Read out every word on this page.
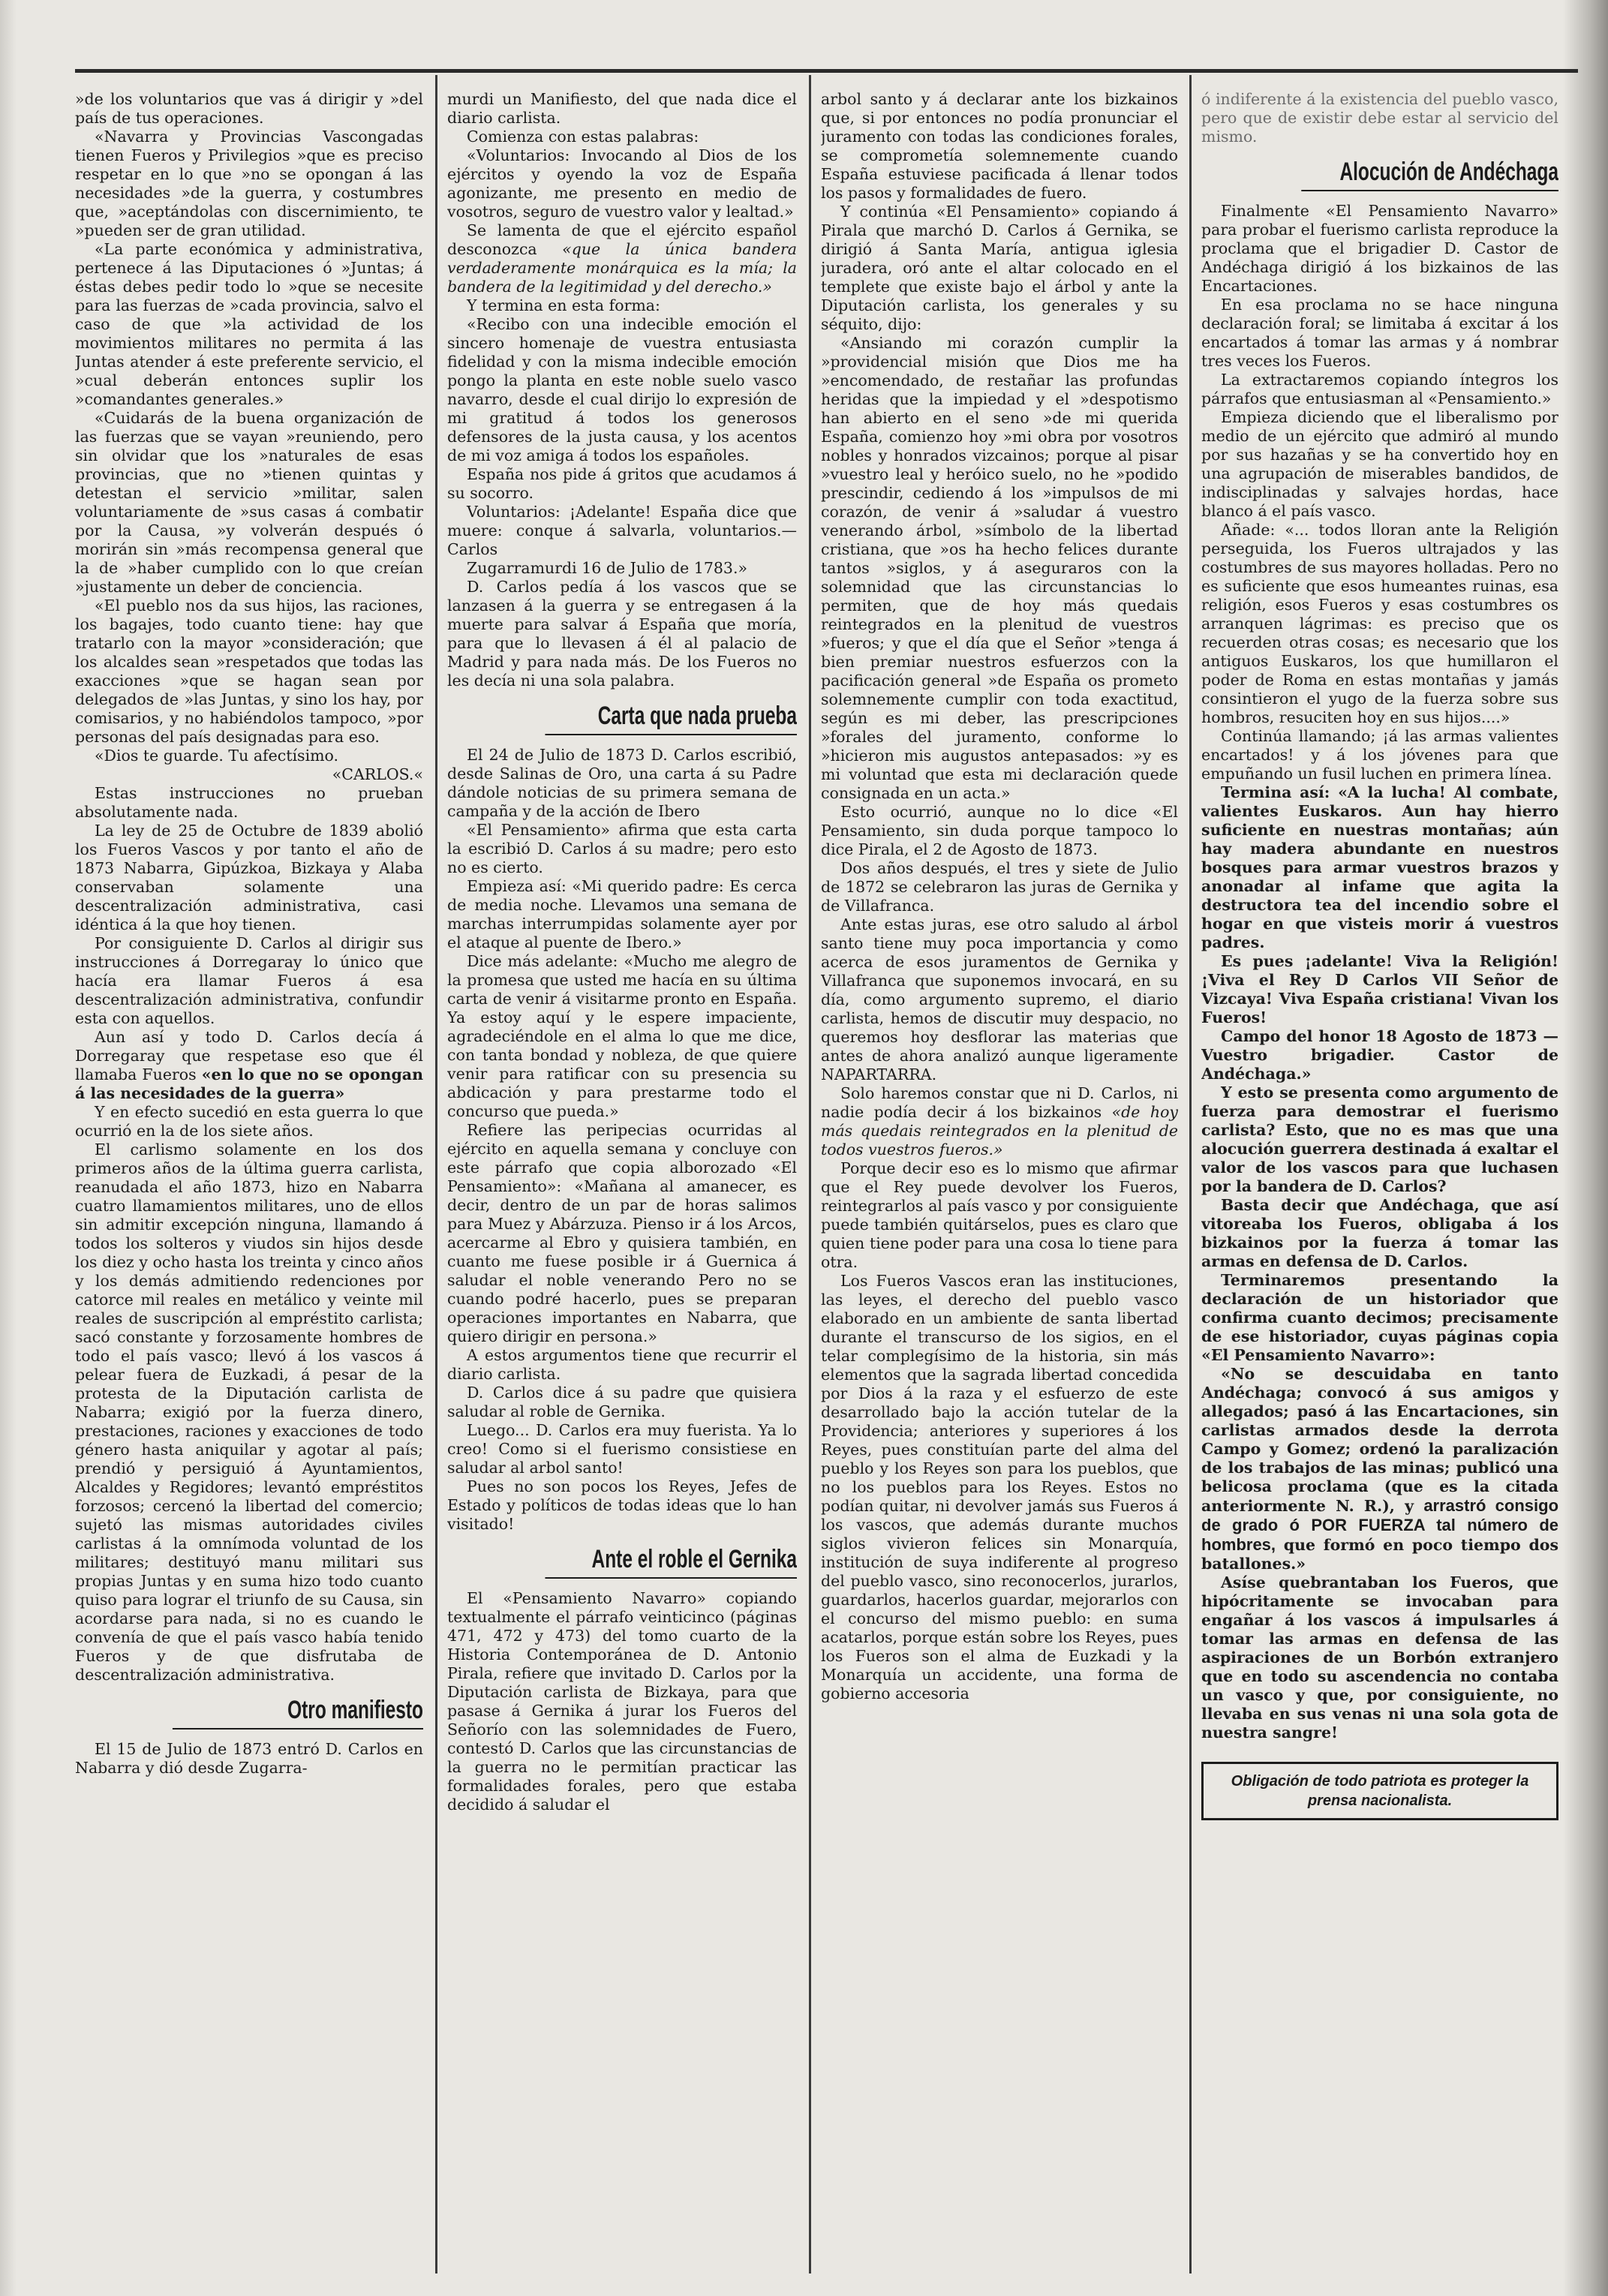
»de los voluntarios que vas á dirigir y »del país de tus operaciones.

«Navarra y Provincias Vascongadas tienen Fueros y Privilegios »que es preciso respetar en lo que »no se opongan á las necesidades »de la guerra, y costumbres que, »aceptándolas con discernimiento, te »pueden ser de gran utilidad.

«La parte económica y administrativa, pertenece á las Diputaciones ó »Juntas; á éstas debes pedir todo lo »que se necesite para las fuerzas de »cada provincia, salvo el caso de que »la actividad de los movimientos militares no permita á las Juntas atender á este preferente servicio, el »cual deberán entonces suplir los »comandantes generales.»

«Cuidarás de la buena organización de las fuerzas que se vayan »reuniendo, pero sin olvidar que los »naturales de esas provincias, que no »tienen quintas y detestan el servicio »militar, salen voluntariamente de »sus casas á combatir por la Causa, »y volverán después ó morirán sin »más recompensa general que la de »haber cumplido con lo que creían »justamente un deber de conciencia.

«El pueblo nos da sus hijos, las raciones, los bagajes, todo cuanto tiene: hay que tratarlo con la mayor »consideración; que los alcaldes sean »respetados que todas las exacciones »que se hagan sean por delegados de »las Juntas, y sino los hay, por comisarios, y no habiéndolos tampoco, »por personas del país designadas para eso.

«Dios te guarde. Tu afectísimo.

«CARLOS.«

Estas instrucciones no prueban absolutamente nada.

La ley de 25 de Octubre de 1839 abolió los Fueros Vascos y por tanto el año de 1873 Nabarra, Gipúzkoa, Bizkaya y Alaba conservaban solamente una descentralización administrativa, casi idéntica á la que hoy tienen.

Por consiguiente D. Carlos al dirigir sus instrucciones á Dorregaray lo único que hacía era llamar Fueros á esa descentralización administrativa, confundir esta con aquellos.

Aun así y todo D. Carlos decía á Dorregaray que respetase eso que él llamaba Fueros «en lo que no se opongan á las necesidades de la guerra»

Y en efecto sucedió en esta guerra lo que ocurrió en la de los siete años.

El carlismo solamente en los dos primeros años de la última guerra carlista, reanudada el año 1873, hizo en Nabarra cuatro llamamientos militares, uno de ellos sin admitir excepción ninguna, llamando á todos los solteros y viudos sin hijos desde los diez y ocho hasta los treinta y cinco años y los demás admitiendo redenciones por catorce mil reales en metálico y veinte mil reales de suscripción al empréstito carlista; sacó constante y forzosamente hombres de todo el país vasco; llevó á los vascos á pelear fuera de Euzkadi, á pesar de la protesta de la Diputación carlista de Nabarra; exigió por la fuerza dinero, prestaciones, raciones y exacciones de todo género hasta aniquilar y agotar al país; prendió y persiguió á Ayuntamientos, Alcaldes y Regidores; levantó empréstitos forzosos; cercenó la libertad del comercio; sujetó las mismas autoridades civiles carlistas á la omnímoda voluntad de los militares; destituyó manu militari sus propias Juntas y en suma hizo todo cuanto quiso para lograr el triunfo de su Causa, sin acordarse para nada, si no es cuando le convenía de que el país vasco había tenido Fueros y de que disfrutaba de descentralización administrativa.

Otro manifiesto

El 15 de Julio de 1873 entró D. Carlos en Nabarra y dió desde Zugarra-

murdi un Manifiesto, del que nada dice el diario carlista.

Comienza con estas palabras:

«Voluntarios: Invocando al Dios de los ejércitos y oyendo la voz de España agonizante, me presento en medio de vosotros, seguro de vuestro valor y lealtad.»

Se lamenta de que el ejército español desconozca «que la única bandera verdaderamente monárquica es la mía; la bandera de la legitimidad y del derecho.»

Y termina en esta forma:

«Recibo con una indecible emoción el sincero homenaje de vuestra entusiasta fidelidad y con la misma indecible emoción pongo la planta en este noble suelo vasco navarro, desde el cual dirijo lo expresión de mi gratitud á todos los generosos defensores de la justa causa, y los acentos de mi voz amiga á todos los españoles.

España nos pide á gritos que acudamos á su socorro.

Voluntarios: ¡Adelante! España dice que muere: conque á salvarla, voluntarios.—Carlos

Zugarramurdi 16 de Julio de 1783.»

D. Carlos pedía á los vascos que se lanzasen á la guerra y se entregasen á la muerte para salvar á España que moría, para que lo llevasen á él al palacio de Madrid y para nada más. De los Fueros no les decía ni una sola palabra.

Carta que nada prueba

El 24 de Julio de 1873 D. Carlos escribió, desde Salinas de Oro, una carta á su Padre dándole noticias de su primera semana de campaña y de la acción de Ibero

«El Pensamiento» afirma que esta carta la escribió D. Carlos á su madre; pero esto no es cierto.

Empieza así: «Mi querido padre: Es cerca de media noche. Llevamos una semana de marchas interrumpidas solamente ayer por el ataque al puente de Ibero.»

Dice más adelante: «Mucho me alegro de la promesa que usted me hacía en su última carta de venir á visitarme pronto en España. Ya estoy aquí y le espere impaciente, agradeciéndole en el alma lo que me dice, con tanta bondad y nobleza, de que quiere venir para ratificar con su presencia su abdicación y para prestarme todo el concurso que pueda.»

Refiere las peripecias ocurridas al ejército en aquella semana y concluye con este párrafo que copia alborozado «El Pensamiento»: «Mañana al amanecer, es decir, dentro de un par de horas salimos para Muez y Abárzuza. Pienso ir á los Arcos, acercarme al Ebro y quisiera también, en cuanto me fuese posible ir á Guernica á saludar el noble venerando Pero no se cuando podré hacerlo, pues se preparan operaciones importantes en Nabarra, que quiero dirigir en persona.»

A estos argumentos tiene que recurrir el diario carlista.

D. Carlos dice á su padre que quisiera saludar al roble de Gernika.

Luego... D. Carlos era muy fuerista. Ya lo creo! Como si el fuerismo consistiese en saludar al arbol santo!

Pues no son pocos los Reyes, Jefes de Estado y políticos de todas ideas que lo han visitado!

Ante el roble el Gernika

El «Pensamiento Navarro» copiando textualmente el párrafo veinticinco (páginas 471, 472 y 473) del tomo cuarto de la Historia Contemporánea de D. Antonio Pirala, refiere que invitado D. Carlos por la Diputación carlista de Bizkaya, para que pasase á Gernika á jurar los Fueros del Señorío con las solemnidades de Fuero, contestó D. Carlos que las circunstancias de la guerra no le permitían practicar las formalidades forales, pero que estaba decidido á saludar el

arbol santo y á declarar ante los bizkainos que, si por entonces no podía pronunciar el juramento con todas las condiciones forales, se comprometía solemnemente cuando España estuviese pacificada á llenar todos los pasos y formalidades de fuero.

Y continúa «El Pensamiento» copiando á Pirala que marchó D. Carlos á Gernika, se dirigió á Santa María, antigua iglesia juradera, oró ante el altar colocado en el templete que existe bajo el árbol y ante la Diputación carlista, los generales y su séquito, dijo:

«Ansiando mi corazón cumplir la »providencial misión que Dios me ha »encomendado, de restañar las profundas heridas que la impiedad y el »despotismo han abierto en el seno »de mi querida España, comienzo hoy »mi obra por vosotros nobles y honrados vizcainos; porque al pisar »vuestro leal y heróico suelo, no he »podido prescindir, cediendo á los »impulsos de mi corazón, de venir á »saludar á vuestro venerando árbol, »símbolo de la libertad cristiana, que »os ha hecho felices durante tantos »siglos, y á aseguraros con la solemnidad que las circunstancias lo permiten, que de hoy más quedais reintegrados en la plenitud de vuestros »fueros; y que el día que el Señor »tenga á bien premiar nuestros esfuerzos con la pacificación general »de España os prometo solemnemente cumplir con toda exactitud, según es mi deber, las prescripciones »forales del juramento, conforme lo »hicieron mis augustos antepasados: »y es mi voluntad que esta mi declaración quede consignada en un acta.»

Esto ocurrió, aunque no lo dice «El Pensamiento, sin duda porque tampoco lo dice Pirala, el 2 de Agosto de 1873.

Dos años después, el tres y siete de Julio de 1872 se celebraron las juras de Gernika y de Villafranca.

Ante estas juras, ese otro saludo al árbol santo tiene muy poca importancia y como acerca de esos juramentos de Gernika y Villafranca que suponemos invocará, en su día, como argumento supremo, el diario carlista, hemos de discutir muy despacio, no queremos hoy desflorar las materias que antes de ahora analizó aunque ligeramente NAPARTARRA.

Solo haremos constar que ni D. Carlos, ni nadie podía decir á los bizkainos «de hoy más quedais reintegrados en la plenitud de todos vuestros fueros.»

Porque decir eso es lo mismo que afirmar que el Rey puede devolver los Fueros, reintegrarlos al país vasco y por consiguiente puede también quitárselos, pues es claro que quien tiene poder para una cosa lo tiene para otra.

Los Fueros Vascos eran las instituciones, las leyes, el derecho del pueblo vasco elaborado en un ambiente de santa libertad durante el transcurso de los sigios, en el telar complegísimo de la historia, sin más elementos que la sagrada libertad concedida por Dios á la raza y el esfuerzo de este desarrollado bajo la acción tutelar de la Providencia; anteriores y superiores á los Reyes, pues constituían parte del alma del pueblo y los Reyes son para los pueblos, que no los pueblos para los Reyes. Estos no podían quitar, ni devolver jamás sus Fueros á los vascos, que además durante muchos siglos vivieron felices sin Monarquía, institución de suya indiferente al progreso del pueblo vasco, sino reconocerlos, jurarlos, guardarlos, hacerlos guardar, mejorarlos con el concurso del mismo pueblo: en suma acatarlos, porque están sobre los Reyes, pues los Fueros son el alma de Euzkadi y la Monarquía un accidente, una forma de gobierno accesoria

ó indiferente á la existencia del pueblo vasco, pero que de existir debe estar al servicio del mismo.

Alocución de Andéchaga

Finalmente «El Pensamiento Navarro» para probar el fuerismo carlista reproduce la proclama que el brigadier D. Castor de Andéchaga dirigió á los bizkainos de las Encartaciones.

En esa proclama no se hace ninguna declaración foral; se limitaba á excitar á los encartados á tomar las armas y á nombrar tres veces los Fueros.

La extractaremos copiando íntegros los párrafos que entusiasman al «Pensamiento.»

Empieza diciendo que el liberalismo por medio de un ejército que admiró al mundo por sus hazañas y se ha convertido hoy en una agrupación de miserables bandidos, de indisciplinadas y salvajes hordas, hace blanco á el país vasco.

Añade: «... todos lloran ante la Religión perseguida, los Fueros ultrajados y las costumbres de sus mayores holladas. Pero no es suficiente que esos humeantes ruinas, esa religión, esos Fueros y esas costumbres os arranquen lágrimas: es preciso que os recuerden otras cosas; es necesario que los antiguos Euskaros, los que humillaron el poder de Roma en estas montañas y jamás consintieron el yugo de la fuerza sobre sus hombros, resuciten hoy en sus hijos....»

Continúa llamando; ¡á las armas valientes encartados! y á los jóvenes para que empuñando un fusil luchen en primera línea.

Termina así: «A la lucha! Al combate, valientes Euskaros. Aun hay hierro suficiente en nuestras montañas; aún hay madera abundante en nuestros bosques para armar vuestros brazos y anonadar al infame que agita la destructora tea del incendio sobre el hogar en que visteis morir á vuestros padres.

Es pues ¡adelante! Viva la Religión! ¡Viva el Rey D Carlos VII Señor de Vizcaya! Viva España cristiana! Vivan los Fueros!

Campo del honor 18 Agosto de 1873 —Vuestro brigadier. Castor de Andéchaga.»

Y esto se presenta como argumento de fuerza para demostrar el fuerismo carlista? Esto, que no es mas que una alocución guerrera destinada á exaltar el valor de los vascos para que luchasen por la bandera de D. Carlos?

Basta decir que Andéchaga, que así vitoreaba los Fueros, obligaba á los bizkainos por la fuerza á tomar las armas en defensa de D. Carlos.

Terminaremos presentando la declaración de un historiador que confirma cuanto decimos; precisamente de ese historiador, cuyas páginas copia «El Pensamiento Navarro»:

«No se descuidaba en tanto Andéchaga; convocó á sus amigos y allegados; pasó á las Encartaciones, sin carlistas armados desde la derrota Campo y Gomez; ordenó la paralización de los trabajos de las minas; publicó una belicosa proclama (que es la citada anteriormente N. R.), y arrastró consigo de grado ó POR FUERZA tal número de hombres, que formó en poco tiempo dos batallones.»

Asíse quebrantaban los Fueros, que hipócritamente se invocaban para engañar á los vascos á impulsarles á tomar las armas en defensa de las aspiraciones de un Borbón extranjero que en todo su ascendencia no contaba un vasco y que, por consiguiente, no llevaba en sus venas ni una sola gota de nuestra sangre!

Obligación de todo patriota es proteger la prensa nacionalista.
